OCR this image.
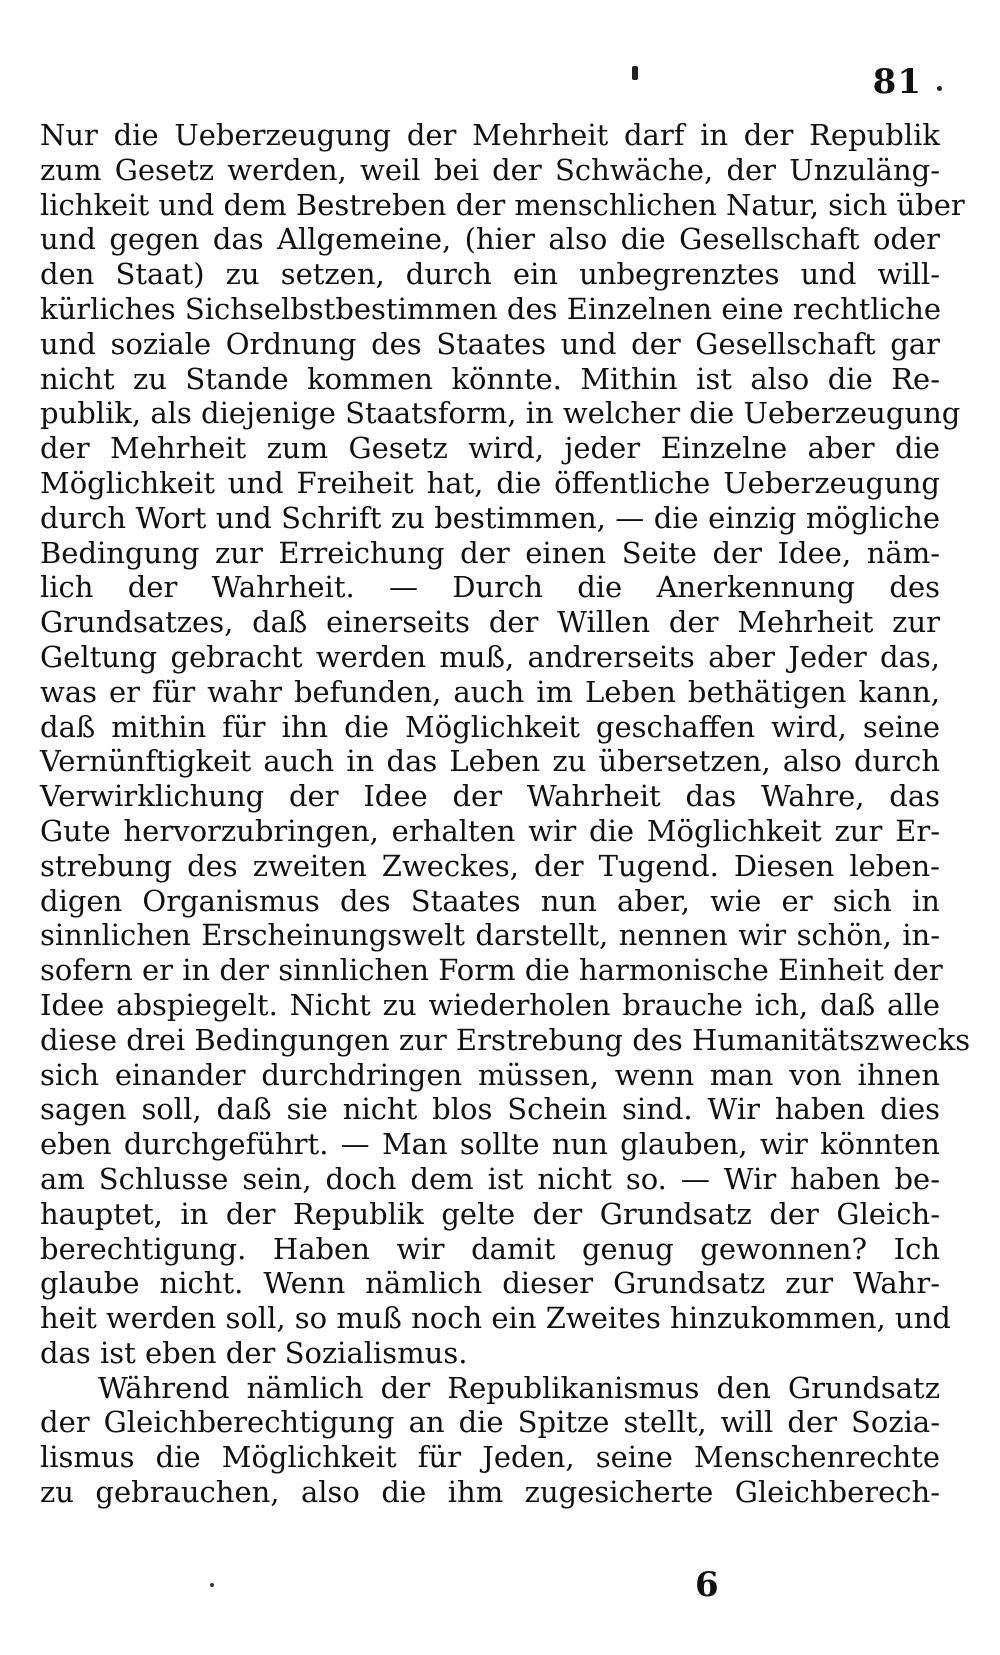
81
Nur die Ueberzeugung der Mehrheit darf in der Republik
zum Gesetz werden, weil bei der Schwäche, der Unzuläng-
lichkeit und dem Bestreben der menschlichen Natur, sich über
und gegen das Allgemeine, (hier also die Gesellschaft oder
den Staat) zu setzen, durch ein unbegrenztes und will-
kürliches Sichselbstbestimmen des Einzelnen eine rechtliche
und soziale Ordnung des Staates und der Gesellschaft gar
nicht zu Stande kommen könnte. Mithin ist also die Re-
publik, als diejenige Staatsform, in welcher die Ueberzeugung
der Mehrheit zum Gesetz wird, jeder Einzelne aber die
Möglichkeit und Freiheit hat, die öffentliche Ueberzeugung
durch Wort und Schrift zu bestimmen, — die einzig mögliche
Bedingung zur Erreichung der einen Seite der Idee, näm-
lich der Wahrheit. — Durch die Anerkennung des
Grundsatzes, daß einerseits der Willen der Mehrheit zur
Geltung gebracht werden muß, andrerseits aber Jeder das,
was er für wahr befunden, auch im Leben bethätigen kann,
daß mithin für ihn die Möglichkeit geschaffen wird, seine
Vernünftigkeit auch in das Leben zu übersetzen, also durch
Verwirklichung der Idee der Wahrheit das Wahre, das
Gute hervorzubringen, erhalten wir die Möglichkeit zur Er-
strebung des zweiten Zweckes, der Tugend. Diesen leben-
digen Organismus des Staates nun aber, wie er sich in
sinnlichen Erscheinungswelt darstellt, nennen wir schön, in-
sofern er in der sinnlichen Form die harmonische Einheit der
Idee abspiegelt. Nicht zu wiederholen brauche ich, daß alle
diese drei Bedingungen zur Erstrebung des Humanitätszwecks
sich einander durchdringen müssen, wenn man von ihnen
sagen soll, daß sie nicht blos Schein sind. Wir haben dies
eben durchgeführt. — Man sollte nun glauben, wir könnten
am Schlusse sein, doch dem ist nicht so. — Wir haben be-
hauptet, in der Republik gelte der Grundsatz der Gleich-
berechtigung. Haben wir damit genug gewonnen? Ich
glaube nicht. Wenn nämlich dieser Grundsatz zur Wahr-
heit werden soll, so muß noch ein Zweites hinzukommen, und
das ist eben der Sozialismus.
Während nämlich der Republikanismus den Grundsatz
der Gleichberechtigung an die Spitze stellt, will der Sozia-
lismus die Möglichkeit für Jeden, seine Menschenrechte
zu gebrauchen, also die ihm zugesicherte Gleichberech-
6
